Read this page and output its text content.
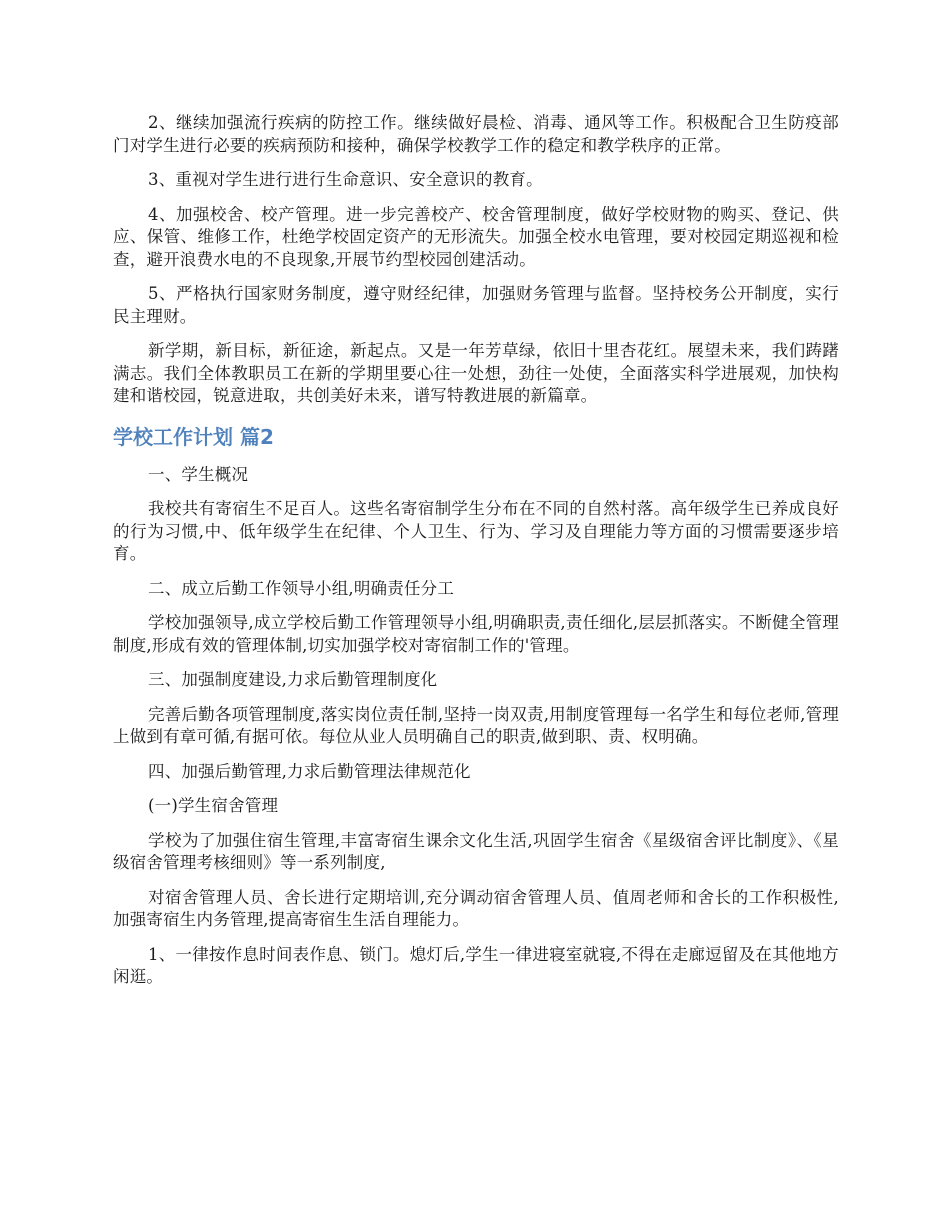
2、继续加强流行疾病的防控工作。继续做好晨检、消毒、通风等工作。积极配合卫生防疫部门对学生进行必要的疾病预防和接种，确保学校教学工作的稳定和教学秩序的正常。

3、重视对学生进行进行生命意识、安全意识的教育。

4、加强校舍、校产管理。进一步完善校产、校舍管理制度，做好学校财物的购买、登记、供应、保管、维修工作，杜绝学校固定资产的无形流失。加强全校水电管理，要对校园定期巡视和检查，避开浪费水电的不良现象,开展节约型校园创建活动。

5、严格执行国家财务制度，遵守财经纪律，加强财务管理与监督。坚持校务公开制度，实行民主理财。

新学期，新目标，新征途，新起点。又是一年芳草绿，依旧十里杏花红。展望未来，我们踌躇满志。我们全体教职员工在新的学期里要心往一处想，劲往一处使，全面落实科学进展观，加快构建和谐校园，锐意进取，共创美好未来，谱写特教进展的新篇章。

学校工作计划 篇2

一、学生概况

我校共有寄宿生不足百人。这些名寄宿制学生分布在不同的自然村落。高年级学生已养成良好的行为习惯,中、低年级学生在纪律、个人卫生、行为、学习及自理能力等方面的习惯需要逐步培育。

二、成立后勤工作领导小组,明确责任分工

学校加强领导,成立学校后勤工作管理领导小组,明确职责,责任细化,层层抓落实。不断健全管理制度,形成有效的管理体制,切实加强学校对寄宿制工作的'管理。

三、加强制度建设,力求后勤管理制度化

完善后勤各项管理制度,落实岗位责任制,坚持一岗双责,用制度管理每一名学生和每位老师,管理上做到有章可循,有据可依。每位从业人员明确自己的职责,做到职、责、权明确。

四、加强后勤管理,力求后勤管理法律规范化

(一)学生宿舍管理

学校为了加强住宿生管理,丰富寄宿生课余文化生活,巩固学生宿舍《星级宿舍评比制度》、《星级宿舍管理考核细则》等一系列制度,

对宿舍管理人员、舍长进行定期培训,充分调动宿舍管理人员、值周老师和舍长的工作积极性,加强寄宿生内务管理,提高寄宿生生活自理能力。

1、一律按作息时间表作息、锁门。熄灯后,学生一律进寝室就寝,不得在走廊逗留及在其他地方闲逛。
